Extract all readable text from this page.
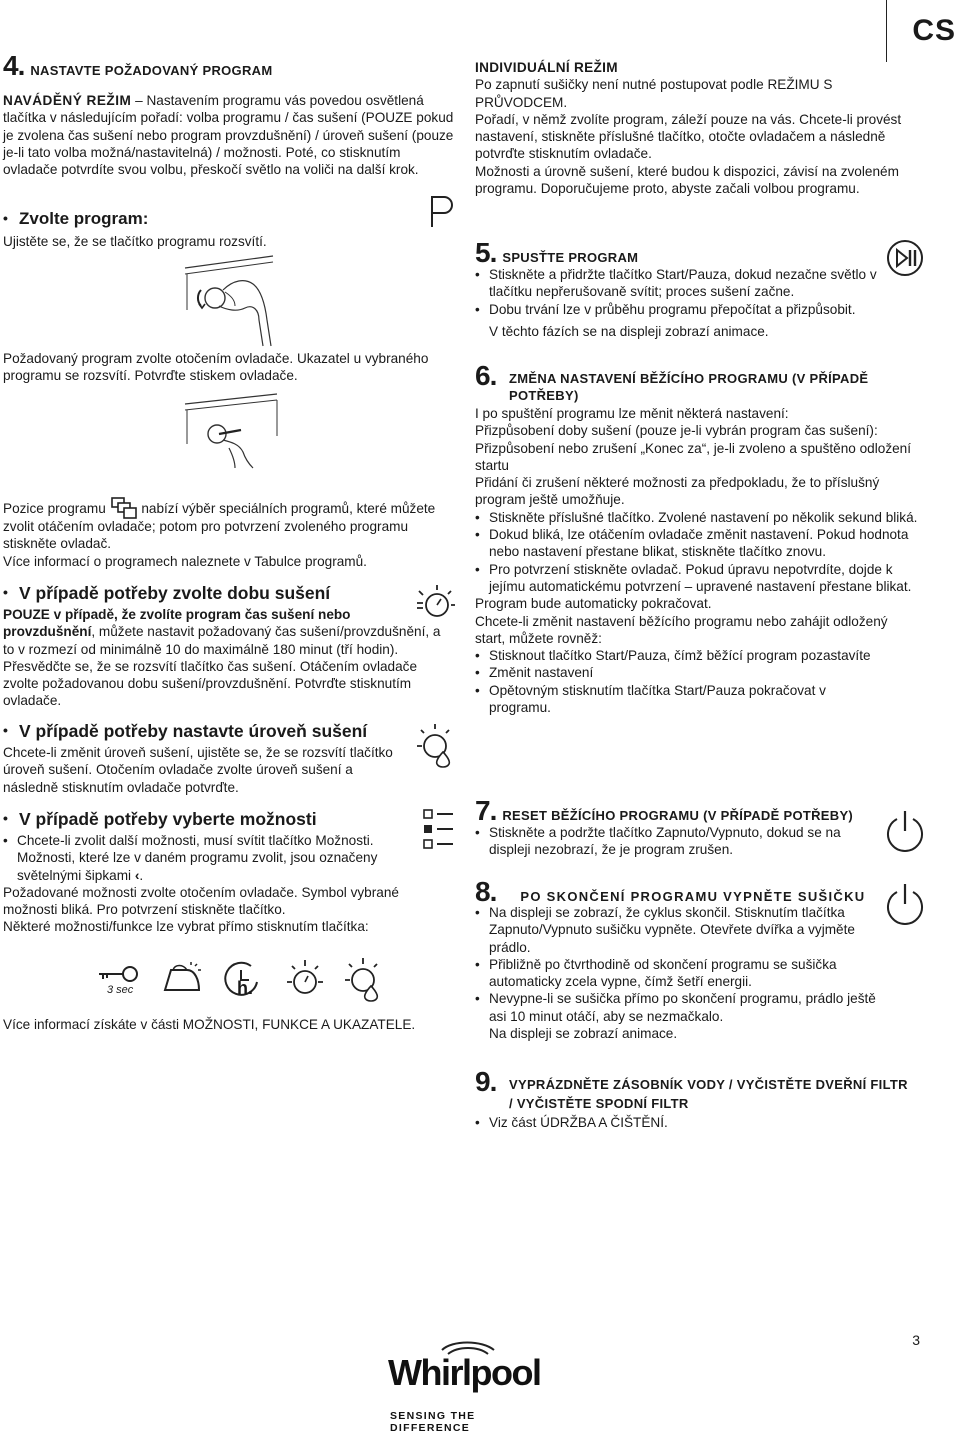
CS
4. NASTAVTE POŽADOVANÝ PROGRAM

NAVÁDĚNÝ REŽIM – Nastavením programu vás povedou osvětlená tlačítka v následujícím pořadí: volba programu / čas sušení (POUZE pokud je zvolena čas sušení nebo program provzdušnění) / úroveň sušení (pouze je-li tato volba možná/nastavitelná) / možnosti. Poté, co stisknutím ovladače potvrdíte svou volbu, přeskočí světlo na voliči na další krok.

• Zvolte program:

Ujistěte se, že se tlačítko programu rozsvítí.

Požadovaný program zvolte otočením ovladače. Ukazatel u vybraného programu se rozsvítí. Potvrďte stiskem ovladače.

Pozice programu
nabízí výběr speciálních programů, které můžete zvolit otáčením ovladače; potom pro potvrzení zvoleného programu stiskněte ovladač.

Více informací o programech naleznete v Tabulce programů.

• V případě potřeby zvolte dobu sušení

POUZE v případě, že zvolíte program čas sušení nebo provzdušnění, můžete nastavit požadovaný čas sušení/provzdušnění, a to v rozmezí od minimálně 10 do maximálně 180 minut (tří hodin). Přesvědčte se, že se rozsvítí tlačítko čas sušení. Otáčením ovladače zvolte požadovanou dobu sušení/provzdušnění. Potvrďte stisknutím ovladače.

• V případě potřeby nastavte úroveň sušení

Chcete-li změnit úroveň sušení, ujistěte se, že se rozsvítí tlačítko úroveň sušení. Otočením ovladače zvolte úroveň sušení a následně stisknutím ovladače potvrďte.

• V případě potřeby vyberte možnosti

• Chcete-li zvolit další možnosti, musí svítit tlačítko Možnosti. Možnosti, které lze v daném programu zvolit, jsou označeny světelnými šipkami ‹.

Požadované možnosti zvolte otočením ovladače. Symbol vybrané možnosti bliká. Pro potvrzení stiskněte tlačítko.

Některé možnosti/funkce lze vybrat přímo stisknutím tlačítka:

3 sec	h.

Více informací získáte v části MOŽNOSTI, FUNKCE A UKAZATELE.

INDIVIDUÁLNÍ REŽIM

Po zapnutí sušičky není nutné postupovat podle REŽIMU S PRŮVODCEM.

Pořadí, v němž zvolíte program, záleží pouze na vás. Chcete-li provést nastavení, stiskněte příslušné tlačítko, otočte ovladačem a následně potvrďte stisknutím ovladače.

Možnosti a úrovně sušení, které budou k dispozici, závisí na zvoleném programu. Doporučujeme proto, abyste začali volbou programu.

5. SPUSŤTE PROGRAM

• Stiskněte a přidržte tlačítko Start/Pauza, dokud nezačne světlo v tlačítku nepřerušovaně svítit; proces sušení začne.

• Dobu trvání lze v průběhu programu přepočítat a přizpůsobit.

V těchto fázích se na displeji zobrazí animace.

6. ZMĚNA NASTAVENÍ BĚŽÍCÍHO PROGRAMU (V PŘÍPADĚ POTŘEBY)

I po spuštění programu lze měnit některá nastavení:

Přizpůsobení doby sušení (pouze je-li vybrán program čas sušení):

Přizpůsobení nebo zrušení „Konec za“, je-li zvoleno a spuštěno odložení startu

Přidání či zrušení některé možnosti za předpokladu, že to příslušný program ještě umožňuje.

• Stiskněte příslušné tlačítko. Zvolené nastavení po několik sekund bliká.

• Dokud bliká, lze otáčením ovladače změnit nastavení. Pokud hodnota nebo nastavení přestane blikat, stiskněte tlačítko znovu.

• Pro potvrzení stiskněte ovladač. Pokud úpravu nepotvrdíte, dojde k jejímu automatickému potvrzení – upravené nastavení přestane blikat.

Program bude automaticky pokračovat.

Chcete-li změnit nastavení běžícího programu nebo zahájit odložený start, můžete rovněž:

• Stisknout tlačítko Start/Pauza, čímž běžící program pozastavíte

• Změnit nastavení

• Opětovným stisknutím tlačítka Start/Pauza pokračovat v programu.

7. RESET BĚŽÍCÍHO PROGRAMU (V PŘÍPADĚ POTŘEBY)

• Stiskněte a podržte tlačítko Zapnuto/Vypnuto, dokud se na displeji nezobrazí, že je program zrušen.

8. PO SKONČENÍ PROGRAMU VYPNĚTE SUŠIČKU

• Na displeji se zobrazí, že cyklus skončil. Stisknutím tlačítka Zapnuto/Vypnuto sušičku vypněte. Otevřete dvířka a vyjměte prádlo.

• Přibližně po čtvrthodině od skončení programu se sušička automaticky zcela vypne, čímž šetří energii.

• Nevypne-li se sušička přímo po skončení programu, prádlo ještě asi 10 minut otáčí, aby se nezmačkalo.

Na displeji se zobrazí animace.

9. VYPRÁZDNĚTE ZÁSOBNÍK VODY / VYČISTĚTE DVEŘNÍ FILTR / VYČISTĚTE SPODNÍ FILTR

• Viz část ÚDRŽBA A ČIŠTĚNÍ.

3
Whirlpool
SENSING THE DIFFERENCE
